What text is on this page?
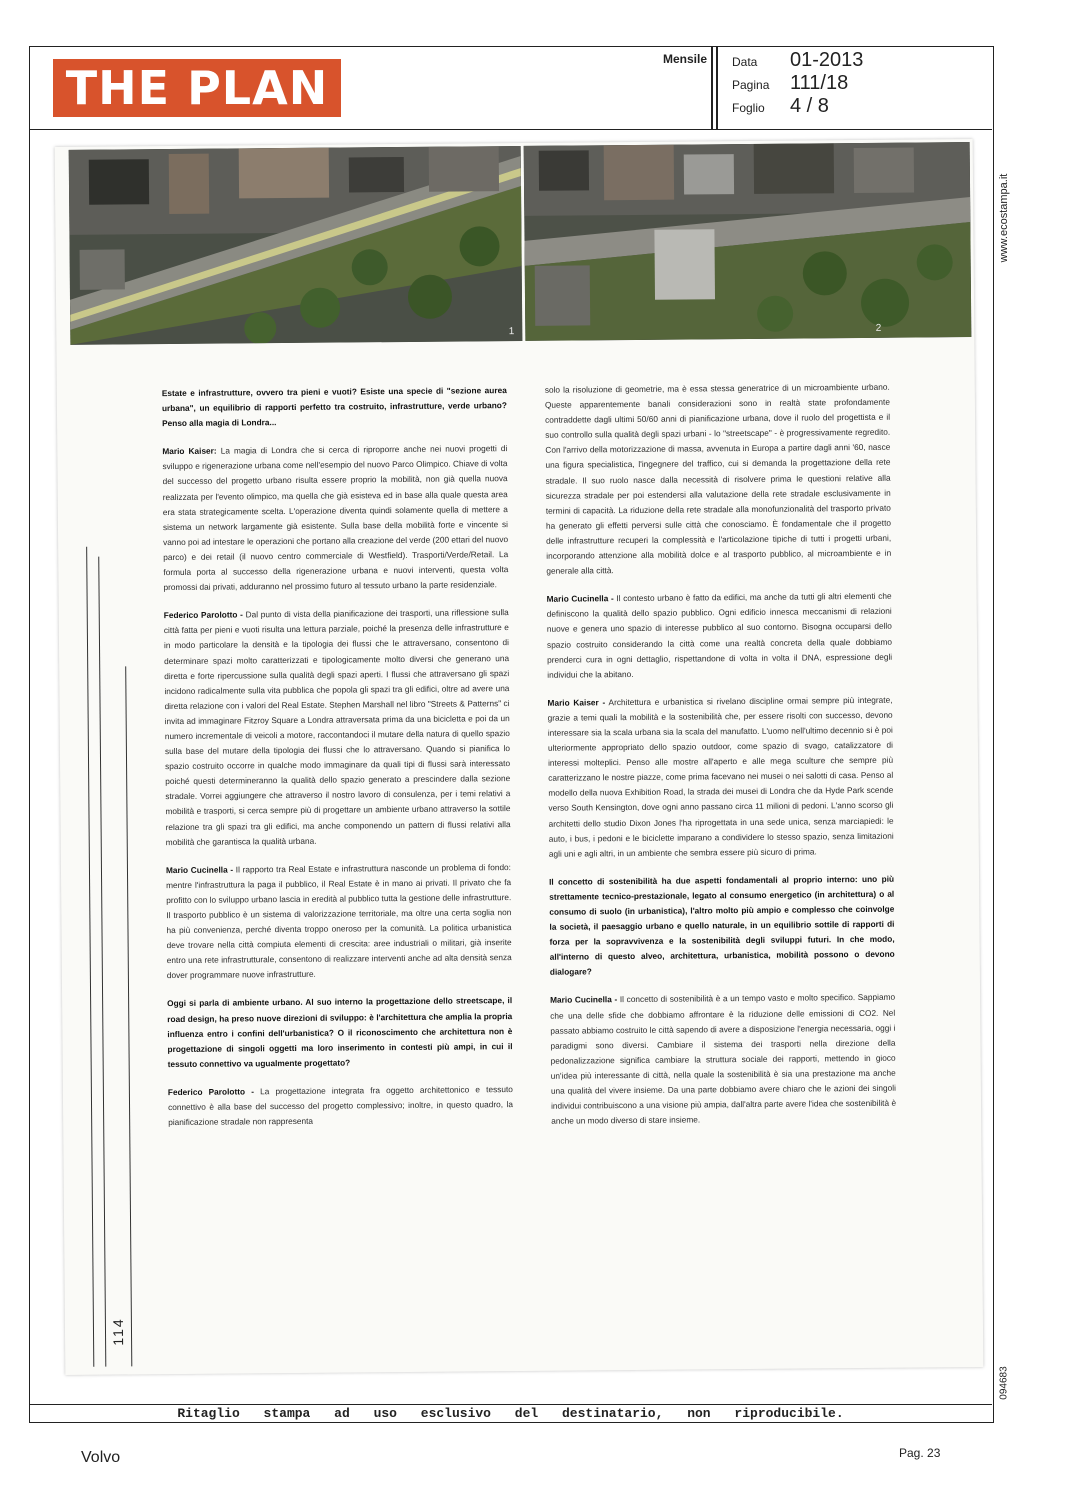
THE PLAN
Mensile Data 01-2013
Pagina 111/18
Foglio 4 / 8
www.ecostampa.it
094683
1	2

Estate e infrastrutture, ovvero tra pieni e vuoti? Esiste una specie di "sezione aurea urbana", un equilibrio di rapporti perfetto tra costruito, infrastrutture, verde urbano? Penso alla magia di Londra...

Mario Kaiser: La magia di Londra che si cerca di riproporre anche nei nuovi progetti di sviluppo e rigenerazione urbana come nell'esempio del nuovo Parco Olimpico. Chiave di volta del successo del progetto urbano risulta essere proprio la mobilità, non già quella nuova realizzata per l'evento olimpico, ma quella che già esisteva ed in base alla quale questa area era stata strategicamente scelta. L'operazione diventa quindi solamente quella di mettere a sistema un network largamente già esistente. Sulla base della mobilità forte e vincente si vanno poi ad intestare le operazioni che portano alla creazione del verde (200 ettari del nuovo parco) e dei retail (il nuovo centro commerciale di Westfield). Trasporti/Verde/Retail. La formula porta al successo della rigenerazione urbana e nuovi interventi, questa volta promossi dai privati, adduranno nel prossimo futuro al tessuto urbano la parte residenziale.

Federico Parolotto - Dal punto di vista della pianificazione dei trasporti, una riflessione sulla città fatta per pieni e vuoti risulta una lettura parziale, poiché la presenza delle infrastrutture e in modo particolare la densità e la tipologia dei flussi che le attraversano, consentono di determinare spazi molto caratterizzati e tipologicamente molto diversi che generano una diretta e forte ripercussione sulla qualità degli spazi aperti. I flussi che attraversano gli spazi incidono radicalmente sulla vita pubblica che popola gli spazi tra gli edifici, oltre ad avere una diretta relazione con i valori del Real Estate. Stephen Marshall nel libro "Streets & Patterns" ci invita ad immaginare Fitzroy Square a Londra attraversata prima da una bicicletta e poi da un numero incrementale di veicoli a motore, raccontandoci il mutare della natura di quello spazio sulla base del mutare della tipologia dei flussi che lo attraversano. Quando si pianifica lo spazio costruito occorre in qualche modo immaginare da quali tipi di flussi sarà interessato poiché questi determineranno la qualità dello spazio generato a prescindere dalla sezione stradale. Vorrei aggiungere che attraverso il nostro lavoro di consulenza, per i temi relativi a mobilità e trasporti, si cerca sempre più di progettare un ambiente urbano attraverso la sottile relazione tra gli spazi tra gli edifici, ma anche componendo un pattern di flussi relativi alla mobilità che garantisca la qualità urbana.

Mario Cucinella - Il rapporto tra Real Estate e infrastruttura nasconde un problema di fondo: mentre l'infrastruttura la paga il pubblico, il Real Estate è in mano ai privati. Il privato che fa profitto con lo sviluppo urbano lascia in eredità al pubblico tutta la gestione delle infrastrutture. Il trasporto pubblico è un sistema di valorizzazione territoriale, ma oltre una certa soglia non ha più convenienza, perché diventa troppo oneroso per la comunità. La politica urbanistica deve trovare nella città compiuta elementi di crescita: aree industriali o militari, già inserite entro una rete infrastrutturale, consentono di realizzare interventi anche ad alta densità senza dover programmare nuove infrastrutture.

Oggi si parla di ambiente urbano. Al suo interno la progettazione dello streetscape, il road design, ha preso nuove direzioni di sviluppo: è l'architettura che amplia la propria influenza entro i confini dell'urbanistica? O il riconoscimento che architettura non è progettazione di singoli oggetti ma loro inserimento in contesti più ampi, in cui il tessuto connettivo va ugualmente progettato?

Federico Parolotto - La progettazione integrata fra oggetto architettonico e tessuto connettivo è alla base del successo del progetto complessivo; inoltre, in questo quadro, la pianificazione stradale non rappresenta

solo la risoluzione di geometrie, ma è essa stessa generatrice di un microambiente urbano. Queste apparentemente banali considerazioni sono in realtà state profondamente contraddette dagli ultimi 50/60 anni di pianificazione urbana, dove il ruolo del progettista e il suo controllo sulla qualità degli spazi urbani - lo "streetscape" - è progressivamente regredito. Con l'arrivo della motorizzazione di massa, avvenuta in Europa a partire dagli anni '60, nasce una figura specialistica, l'ingegnere del traffico, cui si demanda la progettazione della rete stradale. Il suo ruolo nasce dalla necessità di risolvere prima le questioni relative alla sicurezza stradale per poi estendersi alla valutazione della rete stradale esclusivamente in termini di capacità. La riduzione della rete stradale alla monofunzionalità del trasporto privato ha generato gli effetti perversi sulle città che conosciamo. È fondamentale che il progetto delle infrastrutture recuperi la complessità e l'articolazione tipiche di tutti i progetti urbani, incorporando attenzione alla mobilità dolce e al trasporto pubblico, al microambiente e in generale alla città.

Mario Cucinella - Il contesto urbano è fatto da edifici, ma anche da tutti gli altri elementi che definiscono la qualità dello spazio pubblico. Ogni edificio innesca meccanismi di relazioni nuove e genera uno spazio di interesse pubblico al suo contorno. Bisogna occuparsi dello spazio costruito considerando la città come una realtà concreta della quale dobbiamo prenderci cura in ogni dettaglio, rispettandone di volta in volta il DNA, espressione degli individui che la abitano.

Mario Kaiser - Architettura e urbanistica si rivelano discipline ormai sempre più integrate, grazie a temi quali la mobilità e la sostenibilità che, per essere risolti con successo, devono interessare sia la scala urbana sia la scala del manufatto. L'uomo nell'ultimo decennio si è poi ulteriormente appropriato dello spazio outdoor, come spazio di svago, catalizzatore di interessi molteplici. Penso alle mostre all'aperto e alle mega sculture che sempre più caratterizzano le nostre piazze, come prima facevano nei musei o nei salotti di casa. Penso al modello della nuova Exhibition Road, la strada dei musei di Londra che da Hyde Park scende verso South Kensington, dove ogni anno passano circa 11 milioni di pedoni. L'anno scorso gli architetti dello studio Dixon Jones l'ha riprogettata in una sede unica, senza marciapiedi: le auto, i bus, i pedoni e le biciclette imparano a condividere lo stesso spazio, senza limitazioni agli uni e agli altri, in un ambiente che sembra essere più sicuro di prima.

Il concetto di sostenibilità ha due aspetti fondamentali al proprio interno: uno più strettamente tecnico-prestazionale, legato al consumo energetico (in architettura) o al consumo di suolo (in urbanistica), l'altro molto più ampio e complesso che coinvolge la società, il paesaggio urbano e quello naturale, in un equilibrio sottile di rapporti di forza per la sopravvivenza e la sostenibilità degli sviluppi futuri. In che modo, all'interno di questo alveo, architettura, urbanistica, mobilità possono o devono dialogare?

Mario Cucinella - Il concetto di sostenibilità è a un tempo vasto e molto specifico. Sappiamo che una delle sfide che dobbiamo affrontare è la riduzione delle emissioni di CO2. Nel passato abbiamo costruito le città sapendo di avere a disposizione l'energia necessaria, oggi i paradigmi sono diversi. Cambiare il sistema dei trasporti nella direzione della pedonalizzazione significa cambiare la struttura sociale dei rapporti, mettendo in gioco un'idea più interessante di città, nella quale la sostenibilità è sia una prestazione ma anche una qualità del vivere insieme. Da una parte dobbiamo avere chiaro che le azioni dei singoli individui contribuiscono a una visione più ampia, dall'altra parte avere l'idea che sostenibilità è anche un modo diverso di stare insieme.

114
Ritaglio stampa ad uso esclusivo del destinatario, non riproducibile.
Volvo	Pag. 23
